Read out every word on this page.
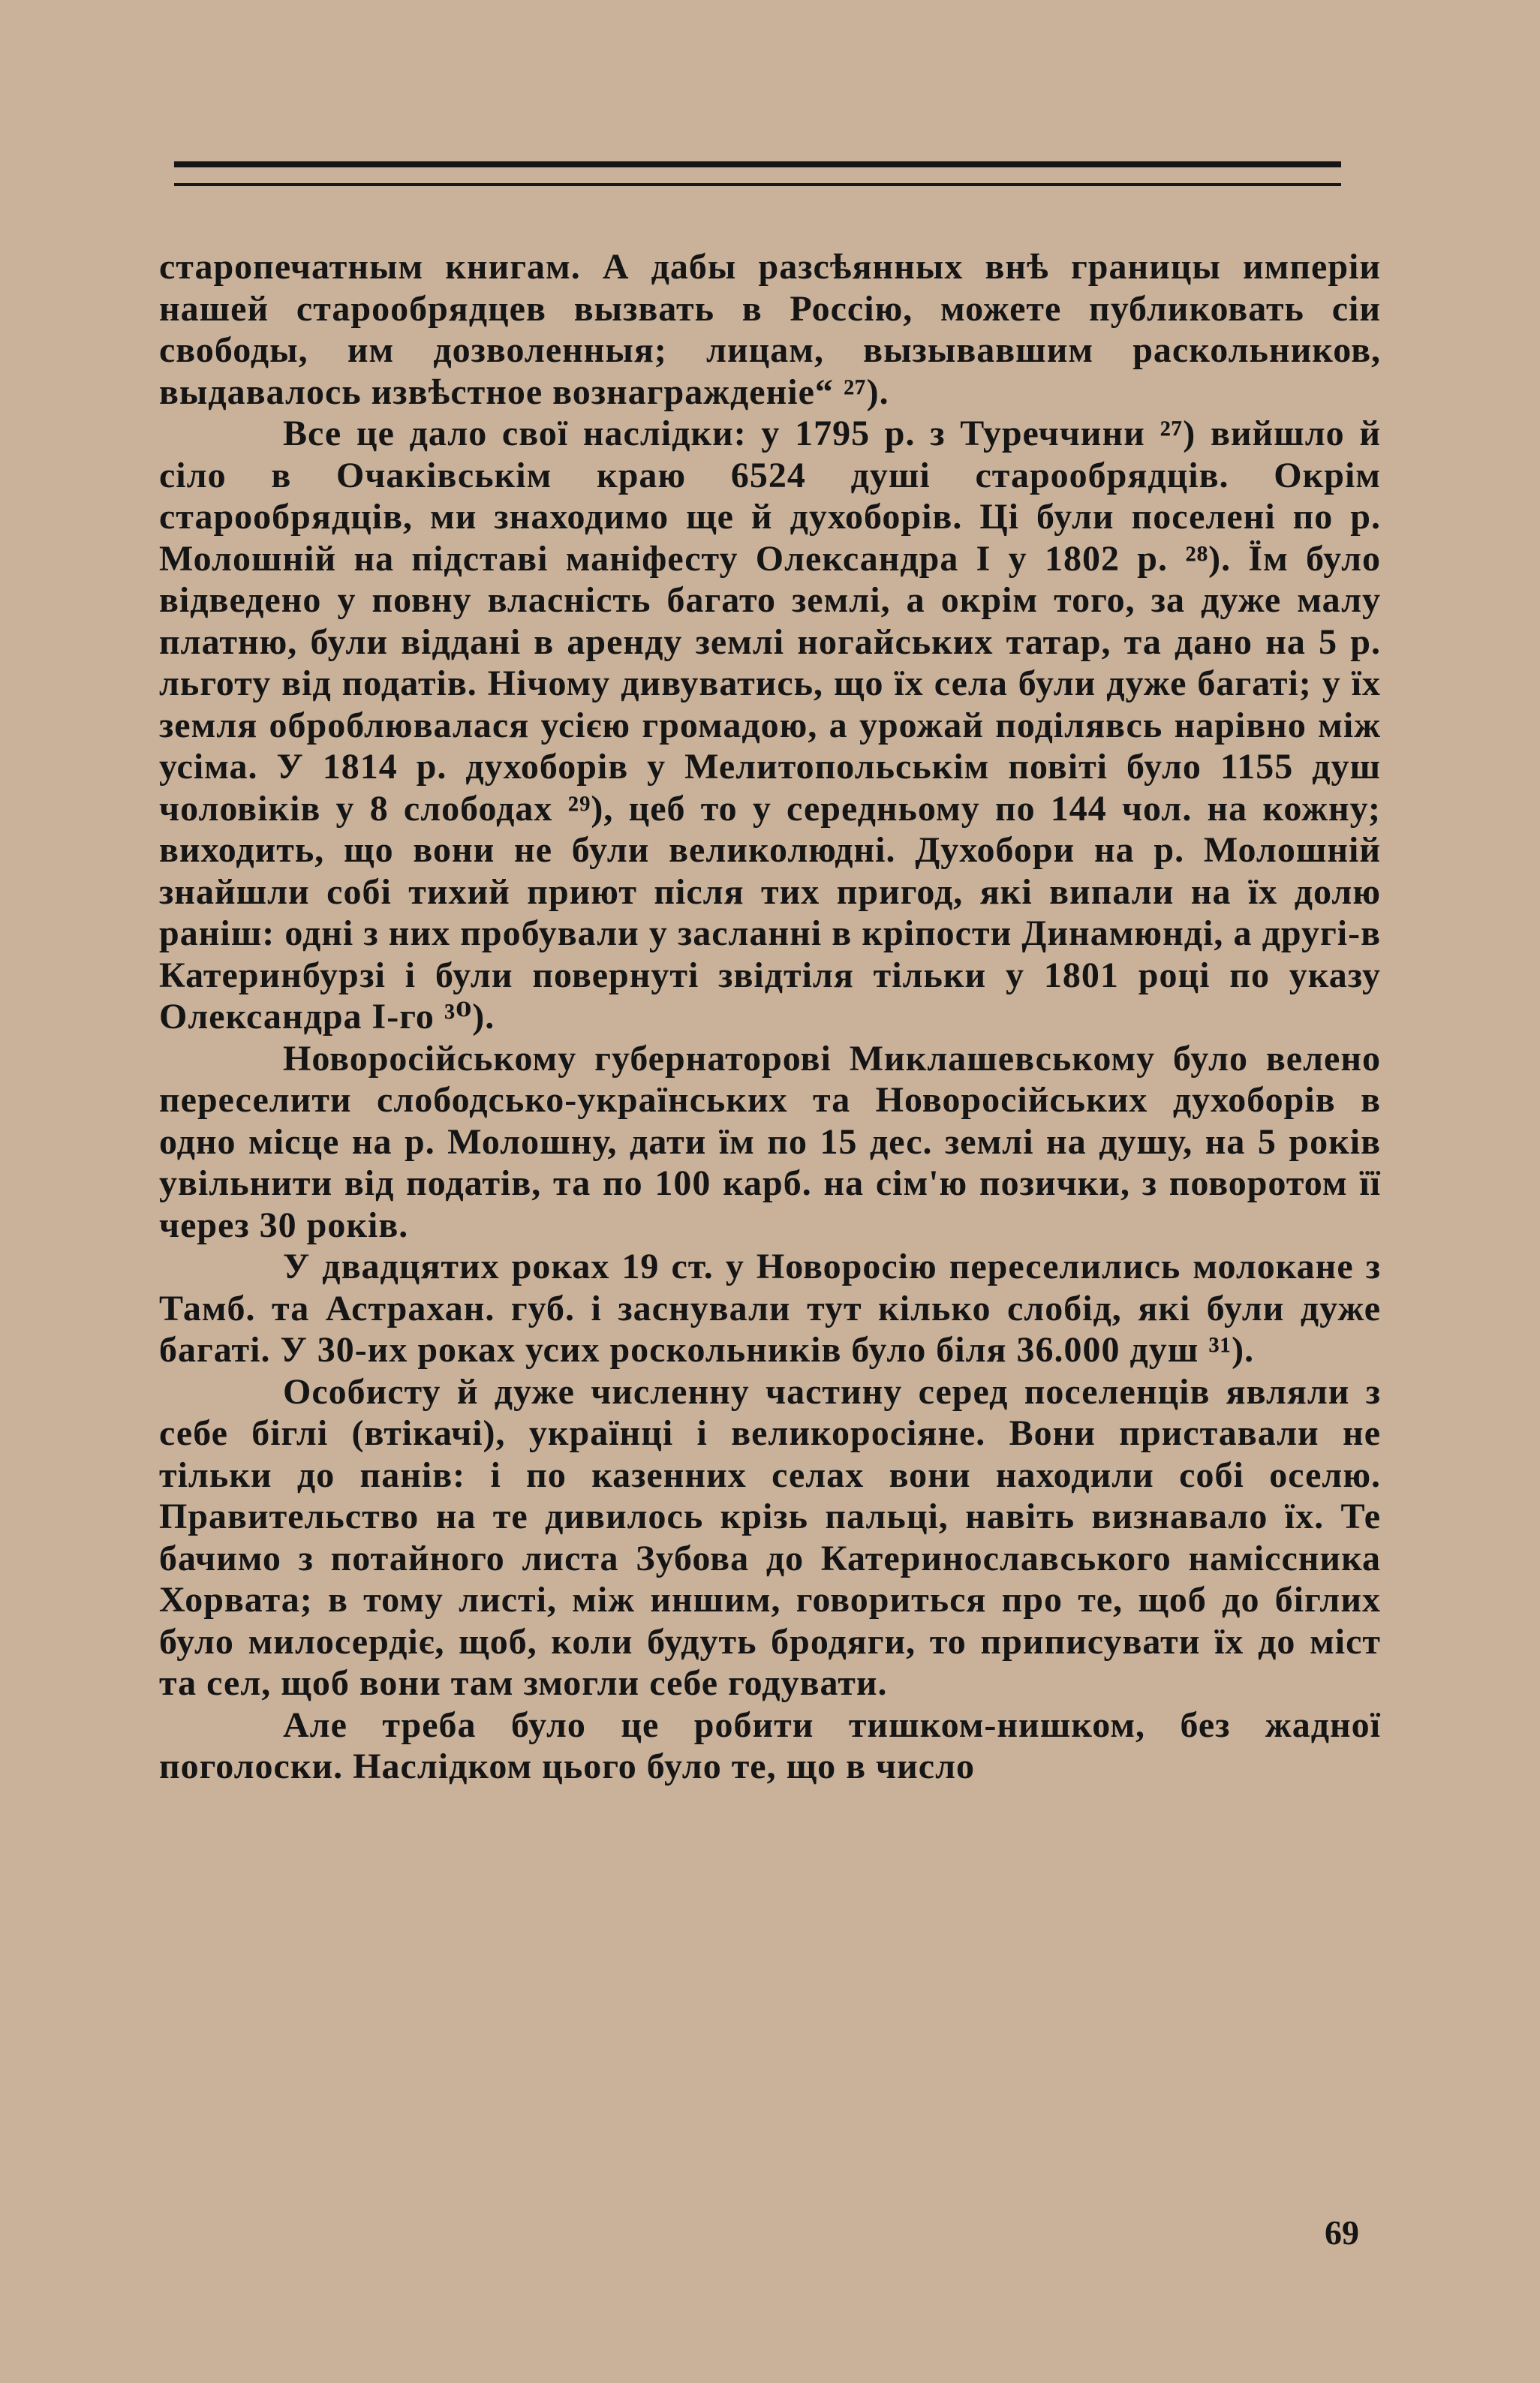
старопечатным книгам. А дабы разсѣянных внѣ границы имперіи нашей старообрядцев вызвать в Россію, можете публиковать сіи свободы, им дозволенныя; лицам, вызывавшим раскольников, выдавалось извѣстное вознагражденіе“ ²⁷).

Все це дало свої наслідки: у 1795 р. з Туреччини ²⁷) вийшло й сіло в Очаківськім краю 6524 душі старообрядців. Окрім старообрядців, ми знаходимо ще й духоборів. Ці були поселені по р. Молошній на підставі маніфесту Олександра І у 1802 р. ²⁸). Їм було відведено у повну власність багато землі, а окрім того, за дуже малу платню, були віддані в аренду землі ногайських татар, та дано на 5 р. льготу від податів. Нічому дивуватись, що їх села були дуже багаті; у їх земля оброблювалася усією громадою, а урожай поділявсь нарівно між усіма. У 1814 р. духоборів у Мелитопольськім повіті було 1155 душ чоловіків у 8 слободах ²⁹), цеб то у середньому по 144 чол. на кожну; виходить, що вони не були великолюдні. Духобори на р. Молошній знайшли собі тихий приют після тих пригод, які випали на їх долю раніш: одні з них пробували у засланні в кріпости Динамюнді, а другі-в Катеринбурзі і були повернуті звідтіля тільки у 1801 році по указу Олександра І-го ³⁰).

Новоросійському губернаторові Миклашевському було велено переселити слободсько-українських та Новоросійських духоборів в одно місце на р. Молошну, дати їм по 15 дес. землі на душу, на 5 років увільнити від податів, та по 100 карб. на сім'ю позички, з поворотом її через 30 років.

У двадцятих роках 19 ст. у Новоросію переселились молокане з Тамб. та Астрахан. губ. і заснували тут кілько слобід, які були дуже багаті. У 30-их роках усих роскольників було біля 36.000 душ ³¹).

Особисту й дуже численну частину серед поселенців являли з себе біглі (втікачі), українці і великоросіяне. Вони приставали не тільки до панів: і по казенних селах вони находили собі оселю. Правительство на те дивилось крізь пальці, навіть визнавало їх. Те бачимо з потайного листа Зубова до Катеринославського наміссника Хорвата; в тому листі, між иншим, говориться про те, щоб до біглих було милосердіє, щоб, коли будуть бродяги, то приписувати їх до міст та сел, щоб вони там змогли себе годувати.

Але треба було це робити тишком-нишком, без жадної поголоски. Наслідком цього було те, що в число

69
